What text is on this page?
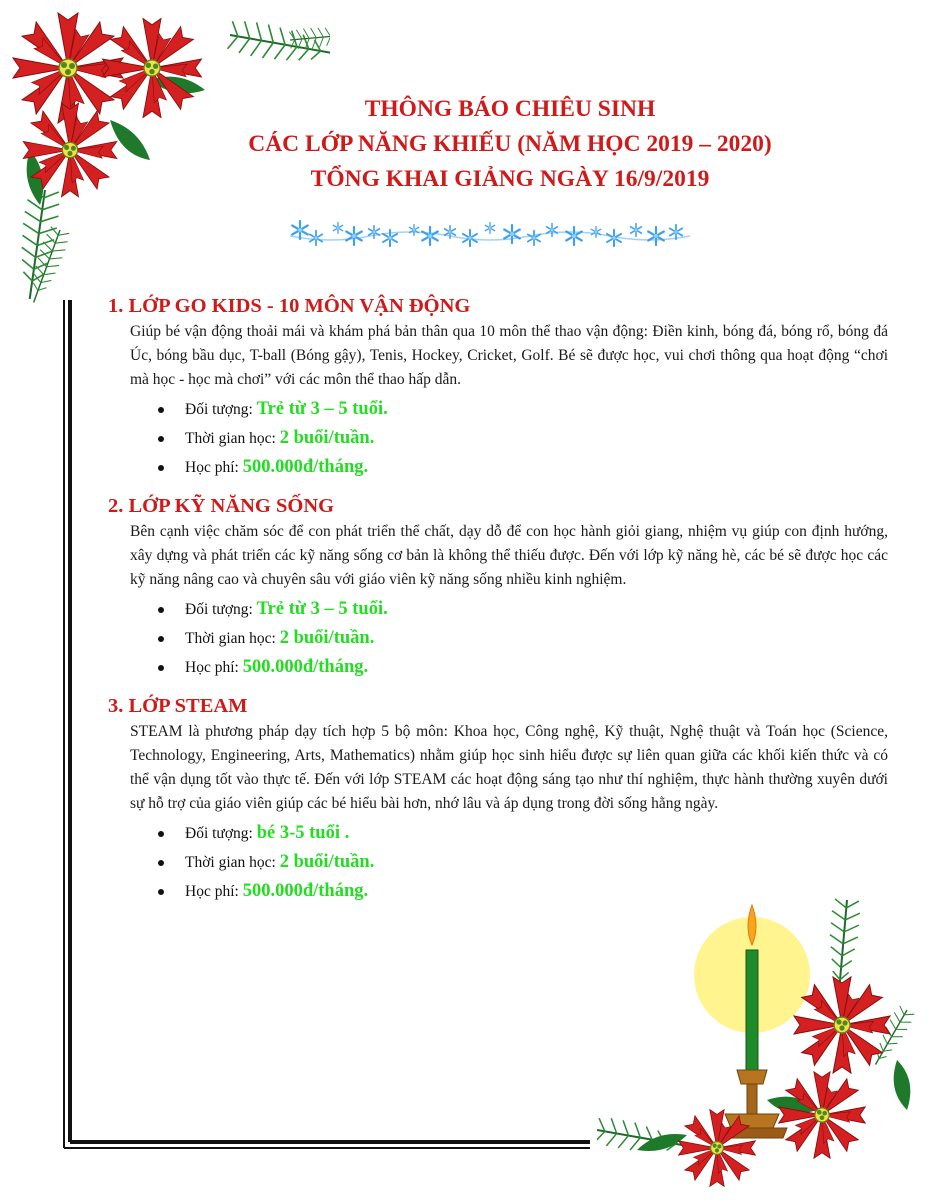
THÔNG BÁO CHIÊU SINH
CÁC LỚP NĂNG KHIẾU (NĂM HỌC 2019 – 2020)
TỔNG KHAI GIẢNG NGÀY 16/9/2019
1. LỚP GO KIDS - 10 MÔN VẬN ĐỘNG
Giúp bé vận động thoải mái và khám phá bản thân qua 10 môn thể thao vận động: Điền kinh, bóng đá, bóng rổ, bóng đá Úc, bóng bầu dục, T-ball (Bóng gậy), Tenis, Hockey, Cricket, Golf. Bé sẽ được học, vui chơi thông qua hoạt động “chơi mà học - học mà chơi” với các môn thể thao hấp dẫn.
Đối tượng: Trẻ từ 3 – 5 tuổi.
Thời gian học: 2 buổi/tuần.
Học phí: 500.000đ/tháng.
2. LỚP KỸ NĂNG SỐNG
Bên cạnh việc chăm sóc để con phát triển thể chất, dạy dỗ để con học hành giỏi giang, nhiệm vụ giúp con định hướng, xây dựng và phát triển các kỹ năng sống cơ bản là không thể thiếu được. Đến với lớp kỹ năng hè, các bé sẽ được học các kỹ năng nâng cao và chuyên sâu với giáo viên kỹ năng sống nhiều kinh nghiệm.
Đối tượng: Trẻ từ 3 – 5 tuổi.
Thời gian học: 2 buổi/tuần.
Học phí: 500.000đ/tháng.
3. LỚP STEAM
STEAM là phương pháp dạy tích hợp 5 bộ môn: Khoa học, Công nghệ, Kỹ thuật, Nghệ thuật và Toán học (Science, Technology, Engineering, Arts, Mathematics) nhằm giúp học sinh hiểu được sự liên quan giữa các khối kiến thức và có thể vận dụng tốt vào thực tế. Đến với lớp STEAM các hoạt động sáng tạo như thí nghiệm, thực hành thường xuyên dưới sự hỗ trợ của giáo viên giúp các bé hiểu bài hơn, nhớ lâu và áp dụng trong đời sống hằng ngày.
Đối tượng: bé 3-5 tuổi .
Thời gian học: 2 buổi/tuần.
Học phí: 500.000đ/tháng.
